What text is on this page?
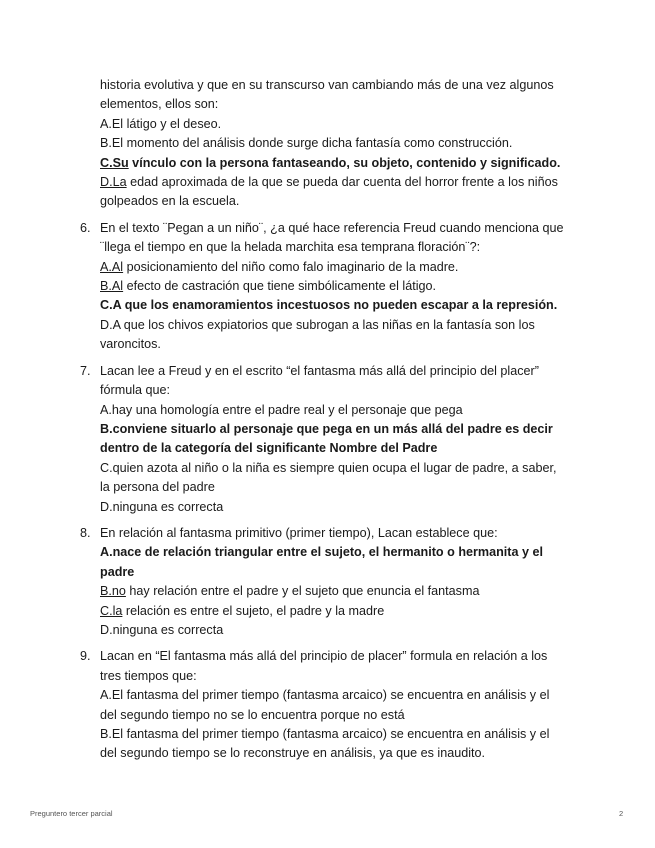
historia evolutiva y que en su transcurso van cambiando más de una vez algunos
elementos, ellos son:
A.El látigo y el deseo.
B.El momento del análisis donde surge dicha fantasía como construcción.
C.Su vínculo con la persona fantaseando, su objeto, contenido y significado.
D.La edad aproximada de la que se pueda dar cuenta del horror frente a los niños
golpeados en la escuela.
6. En el texto ¨Pegan a un niño¨, ¿a qué hace referencia Freud cuando menciona que
¨llega el tiempo en que la helada marchita esa temprana floración¨?:
A.Al posicionamiento del niño como falo imaginario de la madre.
B.Al efecto de castración que tiene simbólicamente el látigo.
C.A que los enamoramientos incestuosos no pueden escapar a la represión.
D.A que los chivos expiatorios que subrogan a las niñas en la fantasía son los
varoncitos.
7. Lacan lee a Freud y en el escrito “el fantasma más allá del principio del placer”
fórmula que:
A.hay una homología entre el padre real y el personaje que pega
B.conviene situarlo al personaje que pega en un más allá del padre es decir
dentro de la categoría del significante Nombre del Padre
C.quien azota al niño o la niña es siempre quien ocupa el lugar de padre, a saber,
la persona del padre
D.ninguna es correcta
8. En relación al fantasma primitivo (primer tiempo), Lacan establece que:
A.nace de relación triangular entre el sujeto, el hermanito o hermanita y el
padre
B.no hay relación entre el padre y el sujeto que enuncia el fantasma
C.la relación es entre el sujeto, el padre y la madre
D.ninguna es correcta
9. Lacan en “El fantasma más allá del principio de placer” formula en relación a los
tres tiempos que:
A.El fantasma del primer tiempo (fantasma arcaico) se encuentra en análisis y el
del segundo tiempo no se lo encuentra porque no está
B.El fantasma del primer tiempo (fantasma arcaico) se encuentra en análisis y el
del segundo tiempo se lo reconstruye en análisis, ya que es inaudito.
Preguntero tercer parcial	2
